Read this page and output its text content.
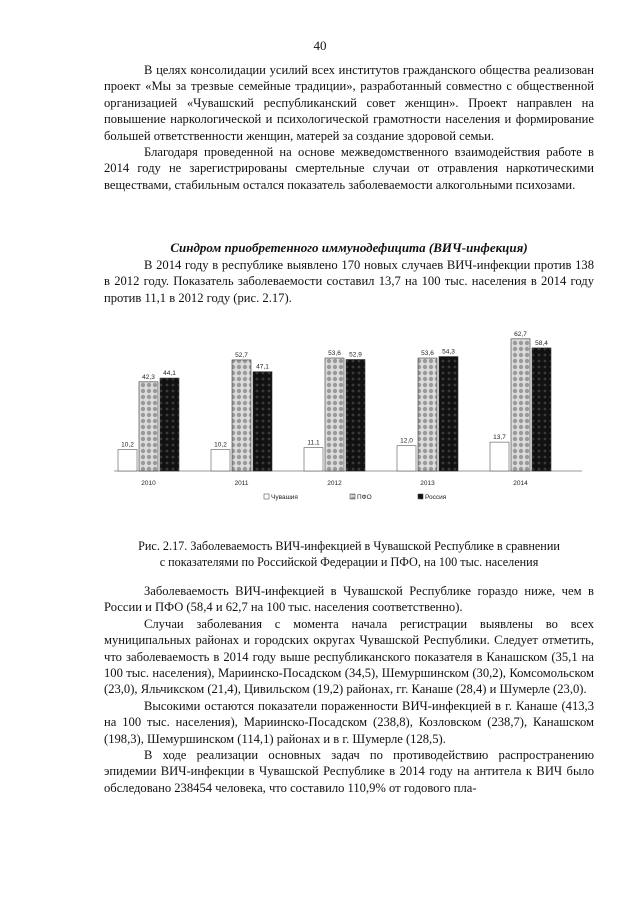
40

В целях консолидации усилий всех институтов гражданского общества реализован проект «Мы за трезвые семейные традиции», разработанный совместно с общественной организацией «Чувашский республиканский совет женщин». Проект направлен на повышение наркологической и психологической грамотности населения и формирование большей ответственности женщин, матерей за создание здоровой семьи.

Благодаря проведенной на основе межведомственного взаимодействия работе в 2014 году не зарегистрированы смертельные случаи от отравления наркотическими веществами, стабильным остался показатель заболеваемости алкогольными психозами.

Синдром приобретенного иммунодефицита (ВИЧ-инфекция)

В 2014 году в республике выявлено 170 новых случаев ВИЧ-инфекции против 138 в 2012 году. Показатель заболеваемости составил 13,7 на 100 тыс. населения в 2014 году против 11,1 в 2012 году (рис. 2.17).

10,2
42,3
44,1
2010
10,2
52,7
47,1
2011
11,1
53,6 52,9
2012
12,0
53,6 54,3
2013
13,7
62,7
58,4
2014
Чувашия	ПФО	Россия
Рис. 2.17. Заболеваемость ВИЧ-инфекцией в Чувашской Республике в сравнении
с показателями по Российской Федерации и ПФО, на 100 тыс. населения

Заболеваемость ВИЧ-инфекцией в Чувашской Республике гораздо ниже, чем в России и ПФО (58,4 и 62,7 на 100 тыс. населения соответственно).

Случаи заболевания с момента начала регистрации выявлены во всех муниципальных районах и городских округах Чувашской Республики. Следует отметить, что заболеваемость в 2014 году выше республиканского показателя в Канашском (35,1 на 100 тыс. населения), Мариинско-Посадском (34,5), Шемуршинском (30,2), Комсомольском (23,0), Яльчикском (21,4), Цивильском (19,2) районах, гг. Канаше (28,4) и Шумерле (23,0).

Высокими остаются показатели пораженности ВИЧ-инфекцией в г. Канаше (413,3 на 100 тыс. населения), Мариинско-Посадском (238,8), Козловском (238,7), Канашском (198,3), Шемуршинском (114,1) районах и в г. Шумерле (128,5).

В ходе реализации основных задач по противодействию распространению эпидемии ВИЧ-инфекции в Чувашской Республике в 2014 году на антитела к ВИЧ было обследовано 238454 человека, что составило 110,9% от годового пла-
